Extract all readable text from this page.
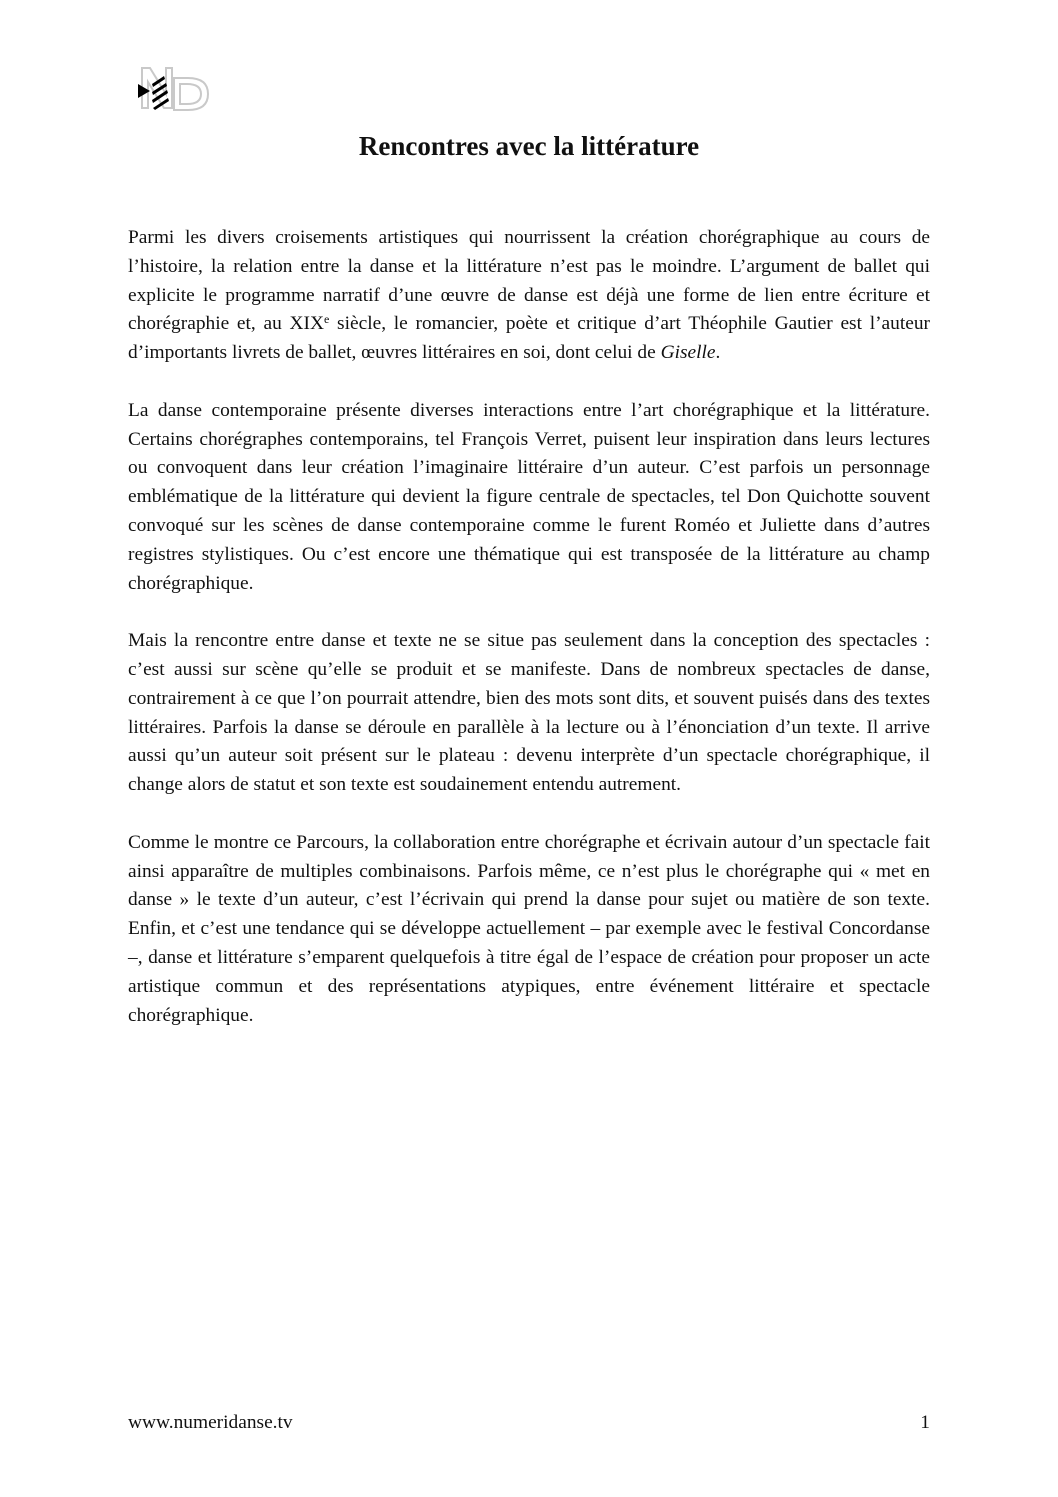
Rencontres avec la littérature

Parmi les divers croisements artistiques qui nourrissent la création chorégraphique au cours de l’histoire, la relation entre la danse et la littérature n’est pas le moindre. L’argument de ballet qui explicite le programme narratif d’une œuvre de danse est déjà une forme de lien entre écriture et chorégraphie et, au XIXe siècle, le romancier, poète et critique d’art Théophile Gautier est l’auteur d’importants livrets de ballet, œuvres littéraires en soi, dont celui de Giselle.

La danse contemporaine présente diverses interactions entre l’art chorégraphique et la littérature. Certains chorégraphes contemporains, tel François Verret, puisent leur inspiration dans leurs lectures ou convoquent dans leur création l’imaginaire littéraire d’un auteur. C’est parfois un personnage emblématique de la littérature qui devient la figure centrale de spectacles, tel Don Quichotte souvent convoqué sur les scènes de danse contemporaine comme le furent Roméo et Juliette dans d’autres registres stylistiques. Ou c’est encore une thématique qui est transposée de la littérature au champ chorégraphique.

Mais la rencontre entre danse et texte ne se situe pas seulement dans la conception des spectacles : c’est aussi sur scène qu’elle se produit et se manifeste. Dans de nombreux spectacles de danse, contrairement à ce que l’on pourrait attendre, bien des mots sont dits, et souvent puisés dans des textes littéraires. Parfois la danse se déroule en parallèle à la lecture ou à l’énonciation d’un texte. Il arrive aussi qu’un auteur soit présent sur le plateau : devenu interprète d’un spectacle chorégraphique, il change alors de statut et son texte est soudainement entendu autrement.

Comme le montre ce Parcours, la collaboration entre chorégraphe et écrivain autour d’un spectacle fait ainsi apparaître de multiples combinaisons. Parfois même, ce n’est plus le chorégraphe qui « met en danse » le texte d’un auteur, c’est l’écrivain qui prend la danse pour sujet ou matière de son texte. Enfin, et c’est une tendance qui se développe actuellement – par exemple avec le festival Concordanse –, danse et littérature s’emparent quelquefois à titre égal de l’espace de création pour proposer un acte artistique commun et des représentations atypiques, entre événement littéraire et spectacle chorégraphique.

www.numeridanse.tv	1
